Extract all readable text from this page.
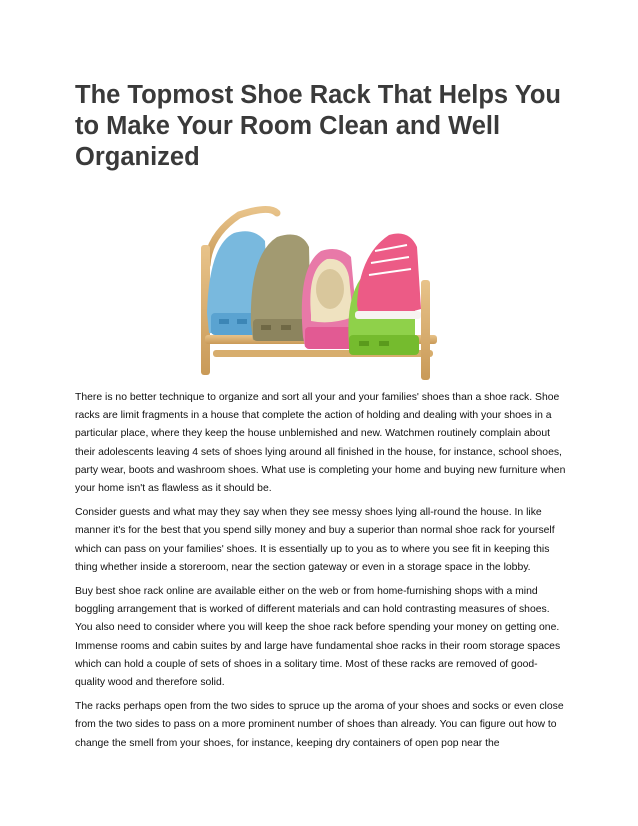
The Topmost Shoe Rack That Helps You to Make Your Room Clean and Well Organized

There is no better technique to organize and sort all your and your families' shoes than a shoe rack. Shoe racks are limit fragments in a house that complete the action of holding and dealing with your shoes in a particular place, where they keep the house unblemished and new. Watchmen routinely complain about their adolescents leaving 4 sets of shoes lying around all finished in the house, for instance, school shoes, party wear, boots and washroom shoes. What use is completing your home and buying new furniture when your home isn't as flawless as it should be.

Consider guests and what may they say when they see messy shoes lying all-round the house. In like manner it's for the best that you spend silly money and buy a superior than normal shoe rack for yourself which can pass on your families' shoes. It is essentially up to you as to where you see fit in keeping this thing whether inside a storeroom, near the section gateway or even in a storage space in the lobby.

Buy best shoe rack online are available either on the web or from home-furnishing shops with a mind boggling arrangement that is worked of different materials and can hold contrasting measures of shoes. You also need to consider where you will keep the shoe rack before spending your money on getting one. Immense rooms and cabin suites by and large have fundamental shoe racks in their room storage spaces which can hold a couple of sets of shoes in a solitary time. Most of these racks are removed of good-quality wood and therefore solid.

The racks perhaps open from the two sides to spruce up the aroma of your shoes and socks or even close from the two sides to pass on a more prominent number of shoes than already. You can figure out how to change the smell from your shoes, for instance, keeping dry containers of open pop near the
